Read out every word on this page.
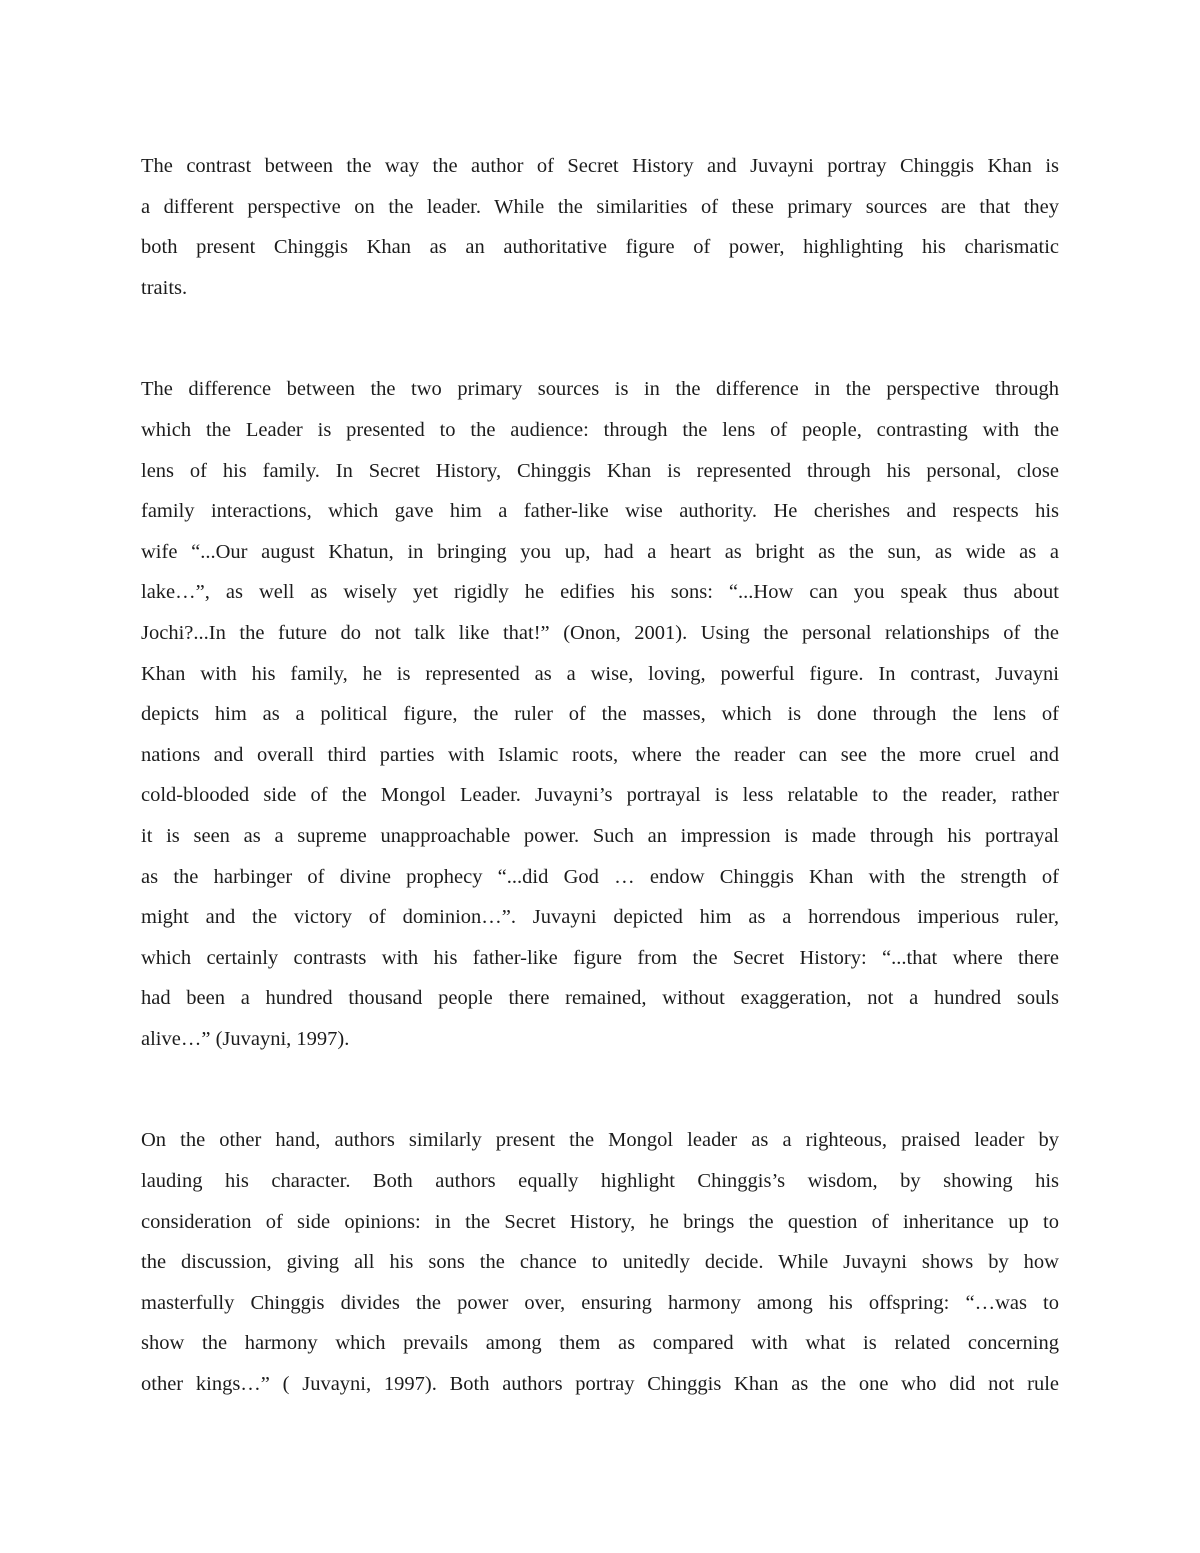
The contrast between the way the author of Secret History and Juvayni portray Chinggis Khan is
a different perspective on the leader. While the similarities of these primary sources are that they
both present Chinggis Khan as an authoritative figure of power, highlighting his charismatic
traits.
The difference between the two primary sources is in the difference in the perspective through
which the Leader is presented to the audience: through the lens of people, contrasting with the
lens of his family. In Secret History, Chinggis Khan is represented through his personal, close
family interactions, which gave him a father-like wise authority. He cherishes and respects his
wife “...Our august Khatun, in bringing you up, had a heart as bright as the sun, as wide as a
lake…”, as well as wisely yet rigidly he edifies his sons: “...How can you speak thus about
Jochi?...In the future do not talk like that!” (Onon, 2001). Using the personal relationships of the
Khan with his family, he is represented as a wise, loving, powerful figure. In contrast, Juvayni
depicts him as a political figure, the ruler of the masses, which is done through the lens of
nations and overall third parties with Islamic roots, where the reader can see the more cruel and
cold-blooded side of the Mongol Leader. Juvayni’s portrayal is less relatable to the reader, rather
it is seen as a supreme unapproachable power. Such an impression is made through his portrayal
as the harbinger of divine prophecy “...did God … endow Chinggis Khan with the strength of
might and the victory of dominion…”. Juvayni depicted him as a horrendous imperious ruler,
which certainly contrasts with his father-like figure from the Secret History: “...that where there
had been a hundred thousand people there remained, without exaggeration, not a hundred souls
alive…” (Juvayni, 1997).
On the other hand, authors similarly present the Mongol leader as a righteous, praised leader by
lauding his character. Both authors equally highlight Chinggis’s wisdom, by showing his
consideration of side opinions: in the Secret History, he brings the question of inheritance up to
the discussion, giving all his sons the chance to unitedly decide. While Juvayni shows by how
masterfully Chinggis divides the power over, ensuring harmony among his offspring: “…was to
show the harmony which prevails among them as compared with what is related concerning
other kings…” ( Juvayni, 1997). Both authors portray Chinggis Khan as the one who did not rule
